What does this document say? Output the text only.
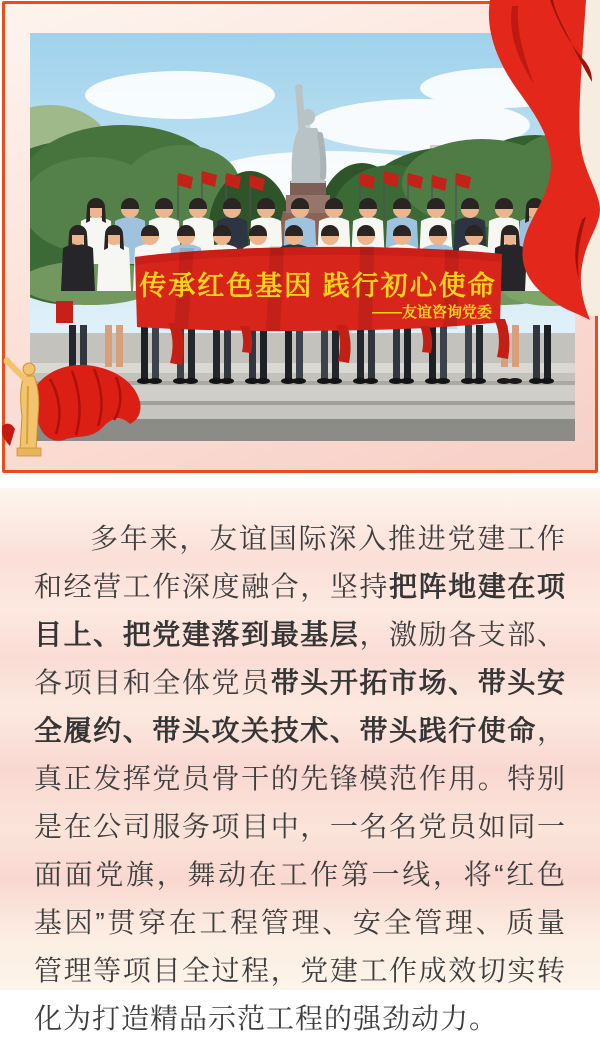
传承红色基因 践行初心使命
——友谊咨询党委

多年来，友谊国际深入推进党建工作和经营工作深度融合，坚持把阵地建在项目上、把党建落到最基层，激励各支部、各项目和全体党员带头开拓市场、带头安全履约、带头攻关技术、带头践行使命，真正发挥党员骨干的先锋模范作用。特别是在公司服务项目中，一名名党员如同一面面党旗，舞动在工作第一线，将“红色基因”贯穿在工程管理、安全管理、质量管理等项目全过程，党建工作成效切实转化为打造精品示范工程的强劲动力。
